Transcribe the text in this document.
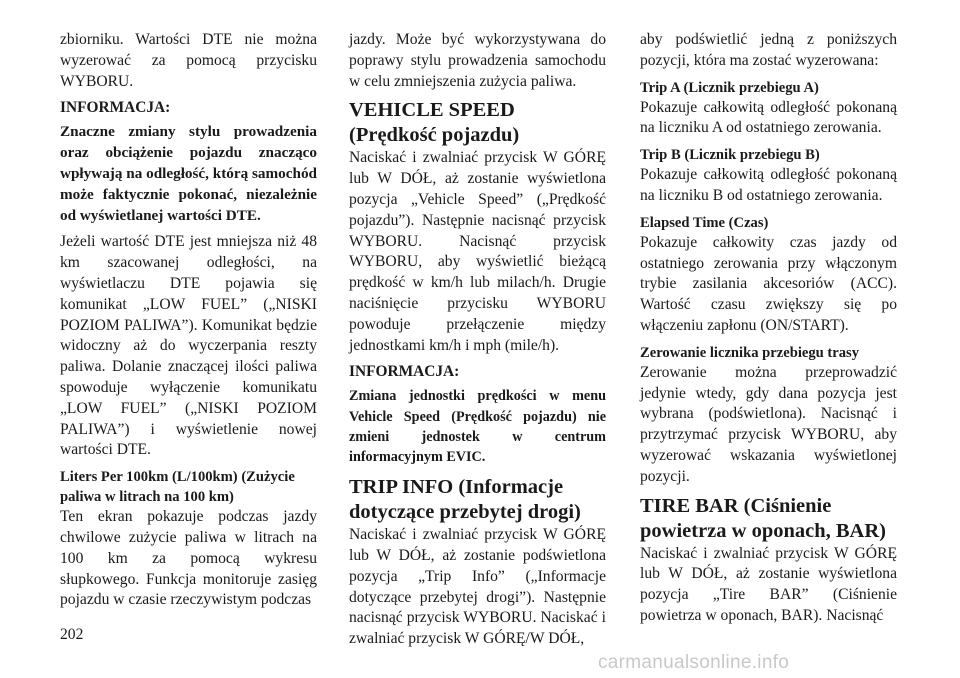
zbiorniku. Wartości DTE nie można wyzerować za pomocą przycisku WYBORU.

INFORMACJA:

Znaczne zmiany stylu prowadzenia oraz obciążenie pojazdu znacząco wpływają na odległość, którą samochód może faktycznie pokonać, niezależnie od wyświetlanej wartości DTE.

Jeżeli wartość DTE jest mniejsza niż 48 km szacowanej odległości, na wyświetlaczu DTE pojawia się komunikat „LOW FUEL” („NISKI POZIOM PALIWA”). Komunikat będzie widoczny aż do wyczerpania reszty paliwa. Dolanie znaczącej ilości paliwa spowoduje wyłączenie komunikatu „LOW FUEL” („NISKI POZIOM PALIWA”) i wyświetlenie nowej wartości DTE.

Liters Per 100km (L/100km) (Zużycie paliwa w litrach na 100 km)

Ten ekran pokazuje podczas jazdy chwilowe zużycie paliwa w litrach na 100 km za pomocą wykresu słupkowego. Funkcja monitoruje zasięg pojazdu w czasie rzeczywistym podczas

jazdy. Może być wykorzystywana do poprawy stylu prowadzenia samochodu w celu zmniejszenia zużycia paliwa.

VEHICLE SPEED (Prędkość pojazdu)

Naciskać i zwalniać przycisk W GÓRĘ lub W DÓŁ, aż zostanie wyświetlona pozycja „Vehicle Speed” („Prędkość pojazdu”). Następnie nacisnąć przycisk WYBORU. Nacisnąć przycisk WYBORU, aby wyświetlić bieżącą prędkość w km/h lub milach/h. Drugie naciśnięcie przycisku WYBORU powoduje przełączenie między jednostkami km/h i mph (mile/h).

INFORMACJA:

Zmiana jednostki prędkości w menu Vehicle Speed (Prędkość pojazdu) nie zmieni jednostek w centrum informacyjnym EVIC.

TRIP INFO (Informacje dotyczące przebytej drogi)

Naciskać i zwalniać przycisk W GÓRĘ lub W DÓŁ, aż zostanie podświetlona pozycja „Trip Info” („Informacje dotyczące przebytej drogi”). Następnie nacisnąć przycisk WYBORU. Naciskać i zwalniać przycisk W GÓRĘ/W DÓŁ,

aby podświetlić jedną z poniższych pozycji, która ma zostać wyzerowana:

Trip A (Licznik przebiegu A)

Pokazuje całkowitą odległość pokonaną na liczniku A od ostatniego zerowania.

Trip B (Licznik przebiegu B)

Pokazuje całkowitą odległość pokonaną na liczniku B od ostatniego zerowania.

Elapsed Time (Czas)

Pokazuje całkowity czas jazdy od ostatniego zerowania przy włączonym trybie zasilania akcesoriów (ACC). Wartość czasu zwiększy się po włączeniu zapłonu (ON/START).

Zerowanie licznika przebiegu trasy

Zerowanie można przeprowadzić jedynie wtedy, gdy dana pozycja jest wybrana (podświetlona). Nacisnąć i przytrzymać przycisk WYBORU, aby wyzerować wskazania wyświetlonej pozycji.

TIRE BAR (Ciśnienie powietrza w oponach, BAR)

Naciskać i zwalniać przycisk W GÓRĘ lub W DÓŁ, aż zostanie wyświetlona pozycja „Tire BAR” (Ciśnienie powietrza w oponach, BAR). Nacisnąć

202
carmanualsonline.info
